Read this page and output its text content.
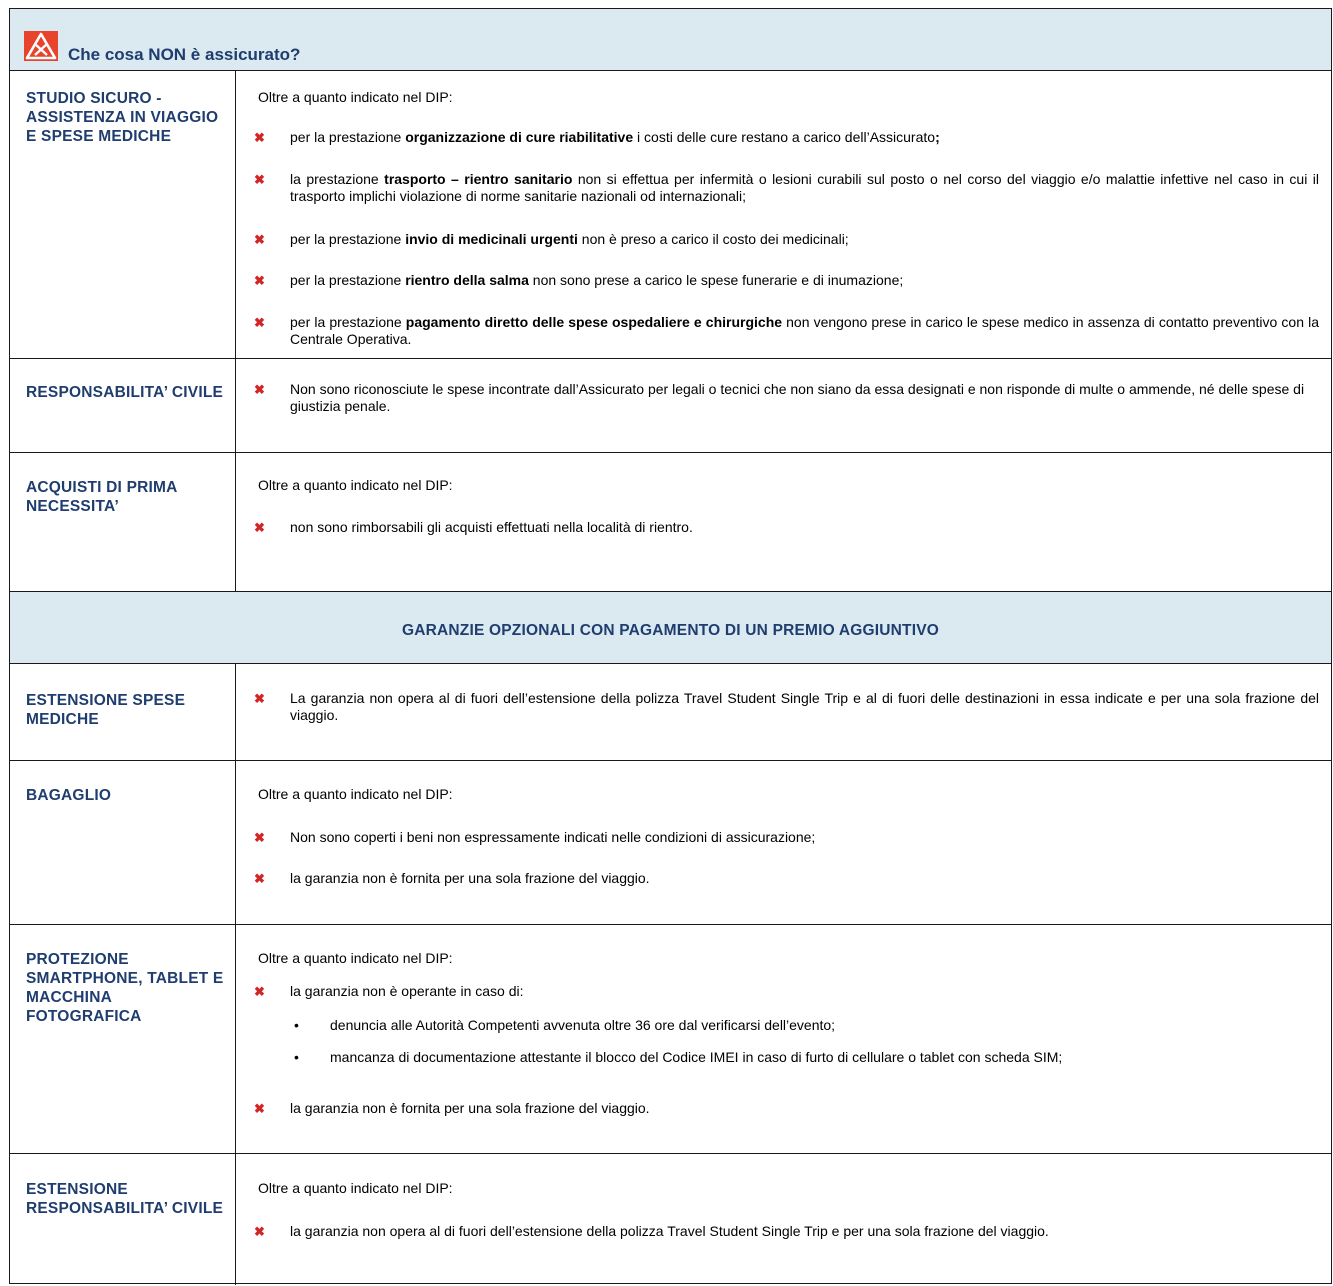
Che cosa NON è assicurato?
STUDIO SICURO - ASSISTENZA IN VIAGGIO E SPESE MEDICHE
Oltre a quanto indicato nel DIP:
✖ per la prestazione organizzazione di cure riabilitative i costi delle cure restano a carico dell’Assicurato;
✖ la prestazione trasporto – rientro sanitario non si effettua per infermità o lesioni curabili sul posto o nel corso del viaggio e/o malattie infettive nel caso in cui il trasporto implichi violazione di norme sanitarie nazionali od internazionali;
✖ per la prestazione invio di medicinali urgenti non è preso a carico il costo dei medicinali;
✖ per la prestazione rientro della salma non sono prese a carico le spese funerarie e di inumazione;
✖ per la prestazione pagamento diretto delle spese ospedaliere e chirurgiche non vengono prese in carico le spese medico in assenza di contatto preventivo con la Centrale Operativa.
RESPONSABILITA’ CIVILE ✖ Non sono riconosciute le spese incontrate dall’Assicurato per legali o tecnici che non siano da essa designati e non risponde di multe o ammende, né delle spese di giustizia penale.
ACQUISTI DI PRIMA NECESSITA’
Oltre a quanto indicato nel DIP:
✖ non sono rimborsabili gli acquisti effettuati nella località di rientro.
GARANZIE OPZIONALI CON PAGAMENTO DI UN PREMIO AGGIUNTIVO
ESTENSIONE SPESE MEDICHE
✖ La garanzia non opera al di fuori dell’estensione della polizza Travel Student Single Trip e al di fuori delle destinazioni in essa indicate e per una sola frazione del viaggio.
BAGAGLIO	Oltre a quanto indicato nel DIP:
✖ Non sono coperti i beni non espressamente indicati nelle condizioni di assicurazione;
✖ la garanzia non è fornita per una sola frazione del viaggio.
PROTEZIONE SMARTPHONE, TABLET E MACCHINA FOTOGRAFICA
Oltre a quanto indicato nel DIP:
✖ la garanzia non è operante in caso di:
• denuncia alle Autorità Competenti avvenuta oltre 36 ore dal verificarsi dell’evento;
• mancanza di documentazione attestante il blocco del Codice IMEI in caso di furto di cellulare o tablet con scheda SIM;
✖ la garanzia non è fornita per una sola frazione del viaggio.
ESTENSIONE RESPONSABILITA’ CIVILE
Oltre a quanto indicato nel DIP:
✖ la garanzia non opera al di fuori dell’estensione della polizza Travel Student Single Trip e per una sola frazione del viaggio.
